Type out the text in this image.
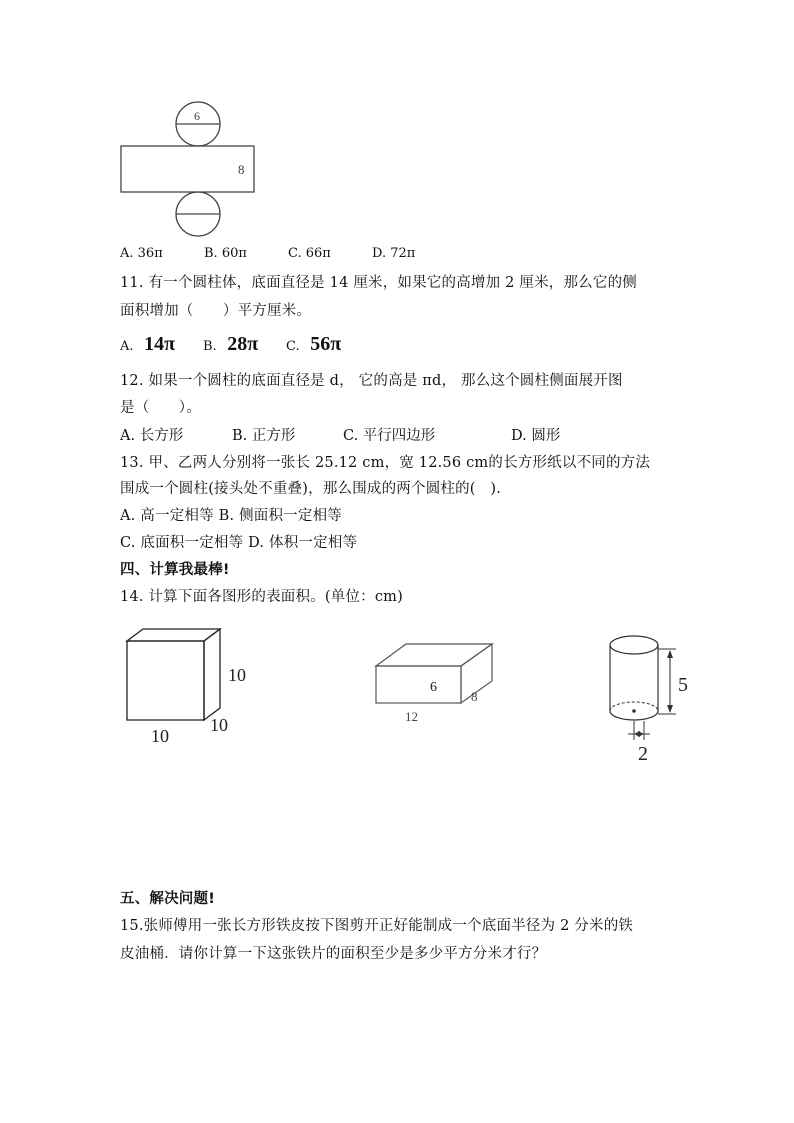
6
8
A. 36π	B. 60π	C. 66π	D. 72π
11. 有一个圆柱体，底面直径是 14 厘米，如果它的高增加 2 厘米，那么它的侧
面积增加（　　）平方厘米。
A. 14π B. 28π C. 56π
12. 如果一个圆柱的底面直径是 d， 它的高是 πd， 那么这个圆柱侧面展开图
是（　　）。
A. 长方形	B. 正方形	C. 平行四边形	D. 圆形
13. 甲、乙两人分别将一张长 25.12 cm，宽 12.56 cm的长方形纸以不同的方法
围成一个圆柱(接头处不重叠)，那么围成的两个圆柱的(　).
A. 高一定相等 B. 侧面积一定相等
C. 底面积一定相等 D. 体积一定相等
四、计算我最棒!
14. 计算下面各图形的表面积。(单位：cm)
10
10
10
6
8
12
5
2
五、解决问题!
15.张师傅用一张长方形铁皮按下图剪开正好能制成一个底面半径为 2 分米的铁
皮油桶．请你计算一下这张铁片的面积至少是多少平方分米才行？
